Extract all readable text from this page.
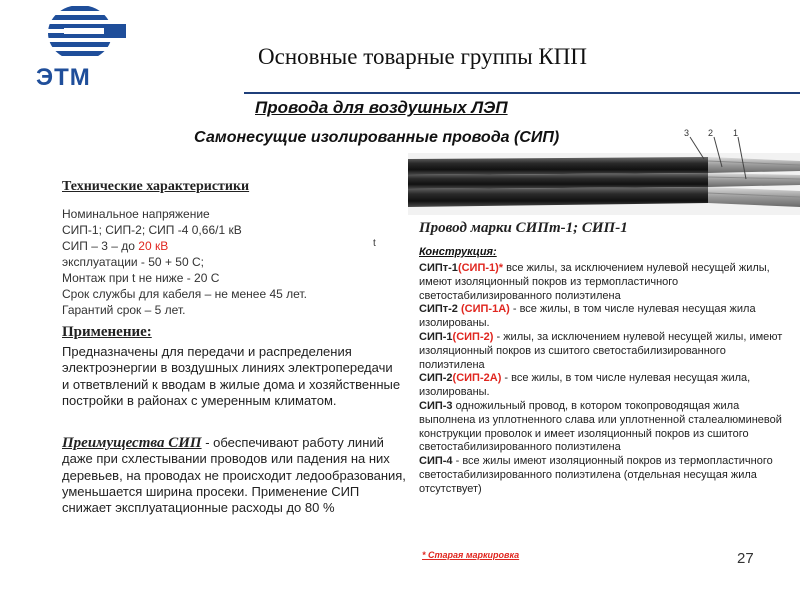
ЭТМ
Основные товарные группы КПП
Провода для воздушных ЛЭП
Самонесущие изолированные провода (СИП)	3 2 1
Технические характеристики
Номинальное напряжение
СИП-1; СИП-2; СИП -4 0,66/1 кВ
СИП – 3 – до 20 кВ
эксплуатации - 50 + 50 С;
Монтаж при t не ниже - 20 С
Срок службы для кабеля – не менее 45 лет.
Гарантий срок – 5 лет.
t
Применение:
Предназначены для передачи и распределения электроэнергии в воздушных линиях электропередачи и ответвлений к вводам в жилые дома и хозяйственные постройки в районах с умеренным климатом.
Преимущества СИП - обеспечивают работу линий даже при схлестывании проводов или падения на них деревьев, на проводах не происходит ледообразования, уменьшается ширина просеки. Применение СИП снижает эксплуатационные расходы до 80 %
Провод марки СИПт-1; СИП-1
Конструкция:
СИПт-1(СИП-1)* все жилы, за исключением нулевой несущей жилы, имеют изоляционный покров из термопластичного светостабилизированного полиэтилена
СИПт-2 (СИП-1А) - все жилы, в том числе нулевая несущая жила изолированы.
СИП-1(СИП-2) - жилы, за исключением нулевой несущей жилы, имеют изоляционный покров из сшитого светостабилизированного полиэтилена
СИП-2(СИП-2А) - все жилы, в том числе нулевая несущая жила, изолированы.
СИП-3 одножильный провод, в котором токопроводящая жила выполнена из уплотненного слава или уплотненной сталеалюминевой конструкции проволок и имеет изоляционный покров из сшитого светостабилизированного полиэтилена
СИП-4 - все жилы имеют изоляционный покров из термопластичного светостабилизированного полиэтилена (отдельная несущая жила отсутствует)
* Старая маркировка	27
